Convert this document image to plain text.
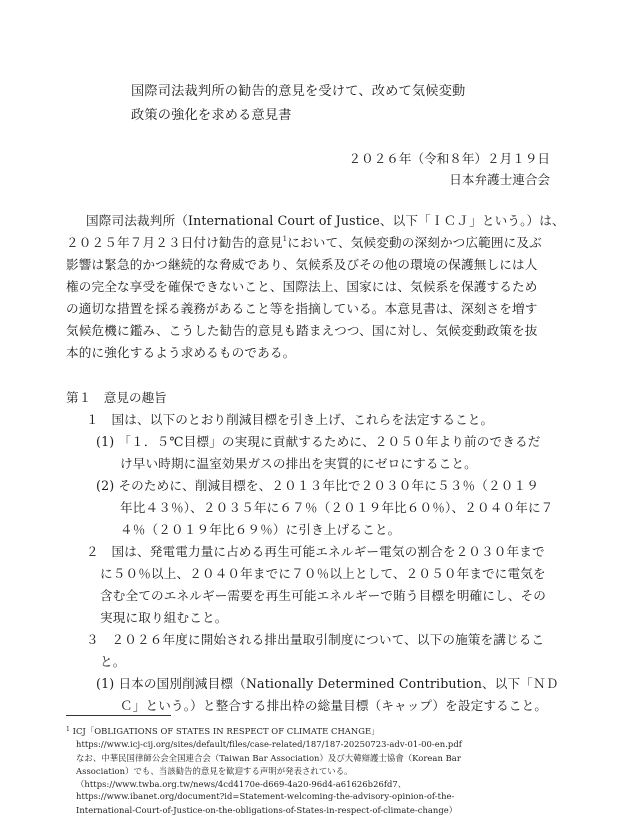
国際司法裁判所の勧告的意見を受けて、改めて気候変動
政策の強化を求める意見書
２０２６年（令和８年）２月１９日
日本弁護士連合会
国際司法裁判所（International Court of Justice、以下「ＩＣＪ」という。）は、
２０２５年７月２３日付け勧告的意見$^1$において、気候変動の深刻かつ広範囲に及ぶ
影響は緊急的かつ継続的な脅威であり、気候系及びその他の環境の保護無しには人
権の完全な享受を確保できないこと、国際法上、国家には、気候系を保護するため
の適切な措置を採る義務があること等を指摘している。本意見書は、深刻さを増す
気候危機に鑑み、こうした勧告的意見も踏まえつつ、国に対し、気候変動政策を抜
本的に強化するよう求めるものである。
第１　意見の趣旨
１　国は、以下のとおり削減目標を引き上げ、これらを法定すること。
(1) 「１．５℃目標」の実現に貢献するために、２０５０年より前のできるだ
け早い時期に温室効果ガスの排出を実質的にゼロにすること。
(2) そのために、削減目標を、２０１３年比で２０３０年に５３％（２０１９
年比４３％）、２０３５年に６７％（２０１９年比６０％）、２０４０年に７
４％（２０１９年比６９％）に引き上げること。
２　国は、発電電力量に占める再生可能エネルギー電気の割合を２０３０年まで
に５０％以上、２０４０年までに７０％以上として、２０５０年までに電気を
含む全てのエネルギー需要を再生可能エネルギーで賄う目標を明確にし、その
実現に取り組むこと。
３　２０２６年度に開始される排出量取引制度について、以下の施策を講じるこ
と。
(1) 日本の国別削減目標（Nationally Determined Contribution、以下「ＮＤ
Ｃ」という。）と整合する排出枠の総量目標（キャップ）を設定すること。
$^1$ ICJ「OBLIGATIONS OF STATES IN RESPECT OF CLIMATE CHANGE」
https://www.icj-cij.org/sites/default/files/case-related/187/187-20250723-adv-01-00-en.pdf
なお、中華民国律師公会全国連合会（Taiwan Bar Association）及び大韓辯護士協會（Korean Bar
Association）でも、当該勧告的意見を歓迎する声明が発表されている。
（https://www.twba.org.tw/news/4cd4170e-d669-4a20-96d4-a61626b26fd7、
https://www.ibanet.org/document?id=Statement-welcoming-the-advisory-opinion-of-the-
International-Court-of-Justice-on-the-obligations-of-States-in-respect-of-climate-change）
